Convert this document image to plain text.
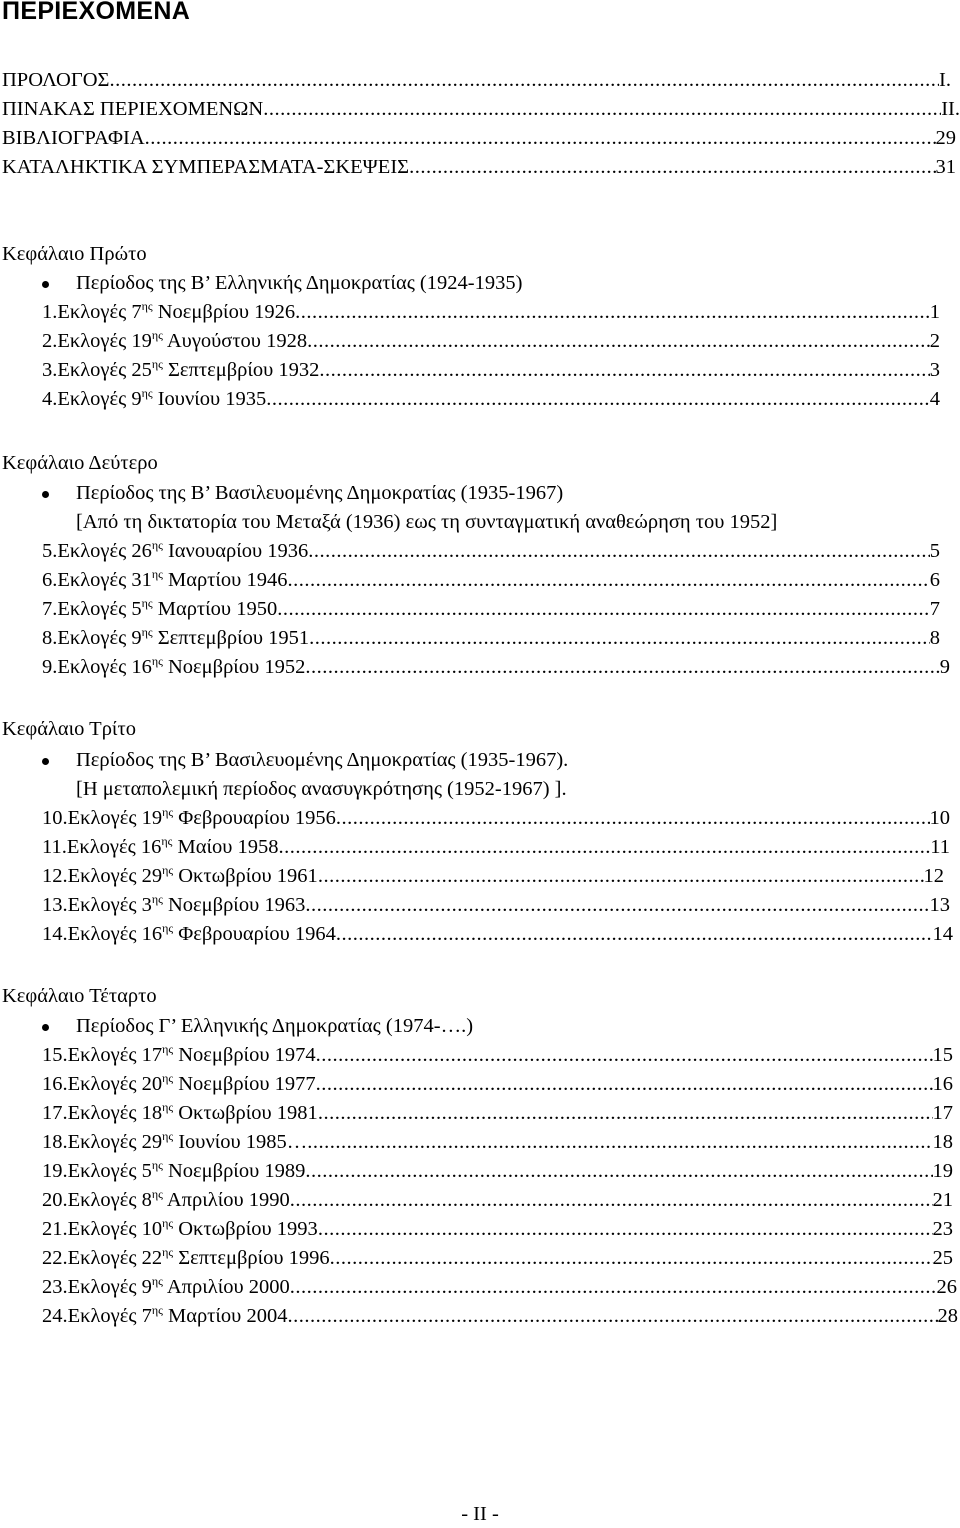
ΠΕΡΙΕΧΟΜΕΝΑ
ΠΡΟΛΟΓΟΣ .....	Ι.
ΠΙΝΑΚΑΣ ΠΕΡΙΕΧΟΜΕΝΩΝ .....	ΙΙ.
ΒΙΒΛΙΟΓΡΑΦΙΑ .....	29
ΚΑΤΑΛΗΚΤΙΚΑ ΣΥΜΠΕΡΑΣΜΑΤΑ-ΣΚΕΨΕΙΣ .....	31
Κεφάλαιο Πρώτο
Περίοδος της Β’ Ελληνικής Δημοκρατίας (1924-1935)
1.Εκλογές $7^{\eta\varsigma}$ Νοεμβρίου 1926 .....	1
2.Εκλογές $19^{\eta\varsigma}$ Αυγούστου 1928 .....	2
3.Εκλογές $25^{\eta\varsigma}$ Σεπτεμβρίου 1932 .....	3
4.Εκλογές $9^{\eta\varsigma}$ Ιουνίου 1935 .....	4
Κεφάλαιο Δεύτερο
Περίοδος της Β’ Βασιλευομένης Δημοκρατίας (1935-1967)
[Από τη δικτατορία του Μεταξά (1936) εως τη συνταγματική αναθεώρηση του 1952]
5.Εκλογές $26^{\eta\varsigma}$ Ιανουαρίου 1936 .....	5
6.Εκλογές $31^{\eta\varsigma}$ Μαρτίου 1946 .....	6
7.Εκλογές $5^{\eta\varsigma}$ Μαρτίου 1950 .....	7
8.Εκλογές $9^{\eta\varsigma}$ Σεπτεμβρίου 1951 .....	8
9.Εκλογές $16^{\eta\varsigma}$ Νοεμβρίου 1952 .....	9
Κεφάλαιο Τρίτο
Περίοδος της Β’ Βασιλευομένης Δημοκρατίας (1935-1967).
[Η μεταπολεμική περίοδος ανασυγκρότησης (1952-1967) ].
10.Εκλογές $19^{\eta\varsigma}$ Φεβρουαρίου 1956 .....	10
11.Εκλογές $16^{\eta\varsigma}$ Μαίου 1958 .....	11
12.Εκλογές $29^{\eta\varsigma}$ Οκτωβρίου 1961 .....	12
13.Εκλογές $3^{\eta\varsigma}$ Νοεμβρίου 1963 .....	13
14.Εκλογές $16^{\eta\varsigma}$ Φεβρουαρίου 1964 .....	14
Κεφάλαιο Τέταρτο
Περίοδος Γ’ Ελληνικής Δημοκρατίας (1974-….)
15.Εκλογές $17^{\eta\varsigma}$ Νοεμβρίου 1974 .....	15
16.Εκλογές $20^{\eta\varsigma}$ Νοεμβρίου 1977 .....	16
17.Εκλογές $18^{\eta\varsigma}$ Οκτωβρίου 1981 .....	17
18.Εκλογές $29^{\eta\varsigma}$ Ιουνίου 1985… .....	18
19.Εκλογές $5^{\eta\varsigma}$ Νοεμβρίου 1989 .....	19
20.Εκλογές $8^{\eta\varsigma}$ Απριλίου 1990 .....	21
21.Εκλογές $10^{\eta\varsigma}$ Οκτωβρίου 1993 .....	23
22.Εκλογές $22^{\eta\varsigma}$ Σεπτεμβρίου 1996 .....	25
23.Εκλογές $9^{\eta\varsigma}$ Απριλίου 2000 .....	26
24.Εκλογές $7^{\eta\varsigma}$ Μαρτίου 2004 .....	28
- II -
